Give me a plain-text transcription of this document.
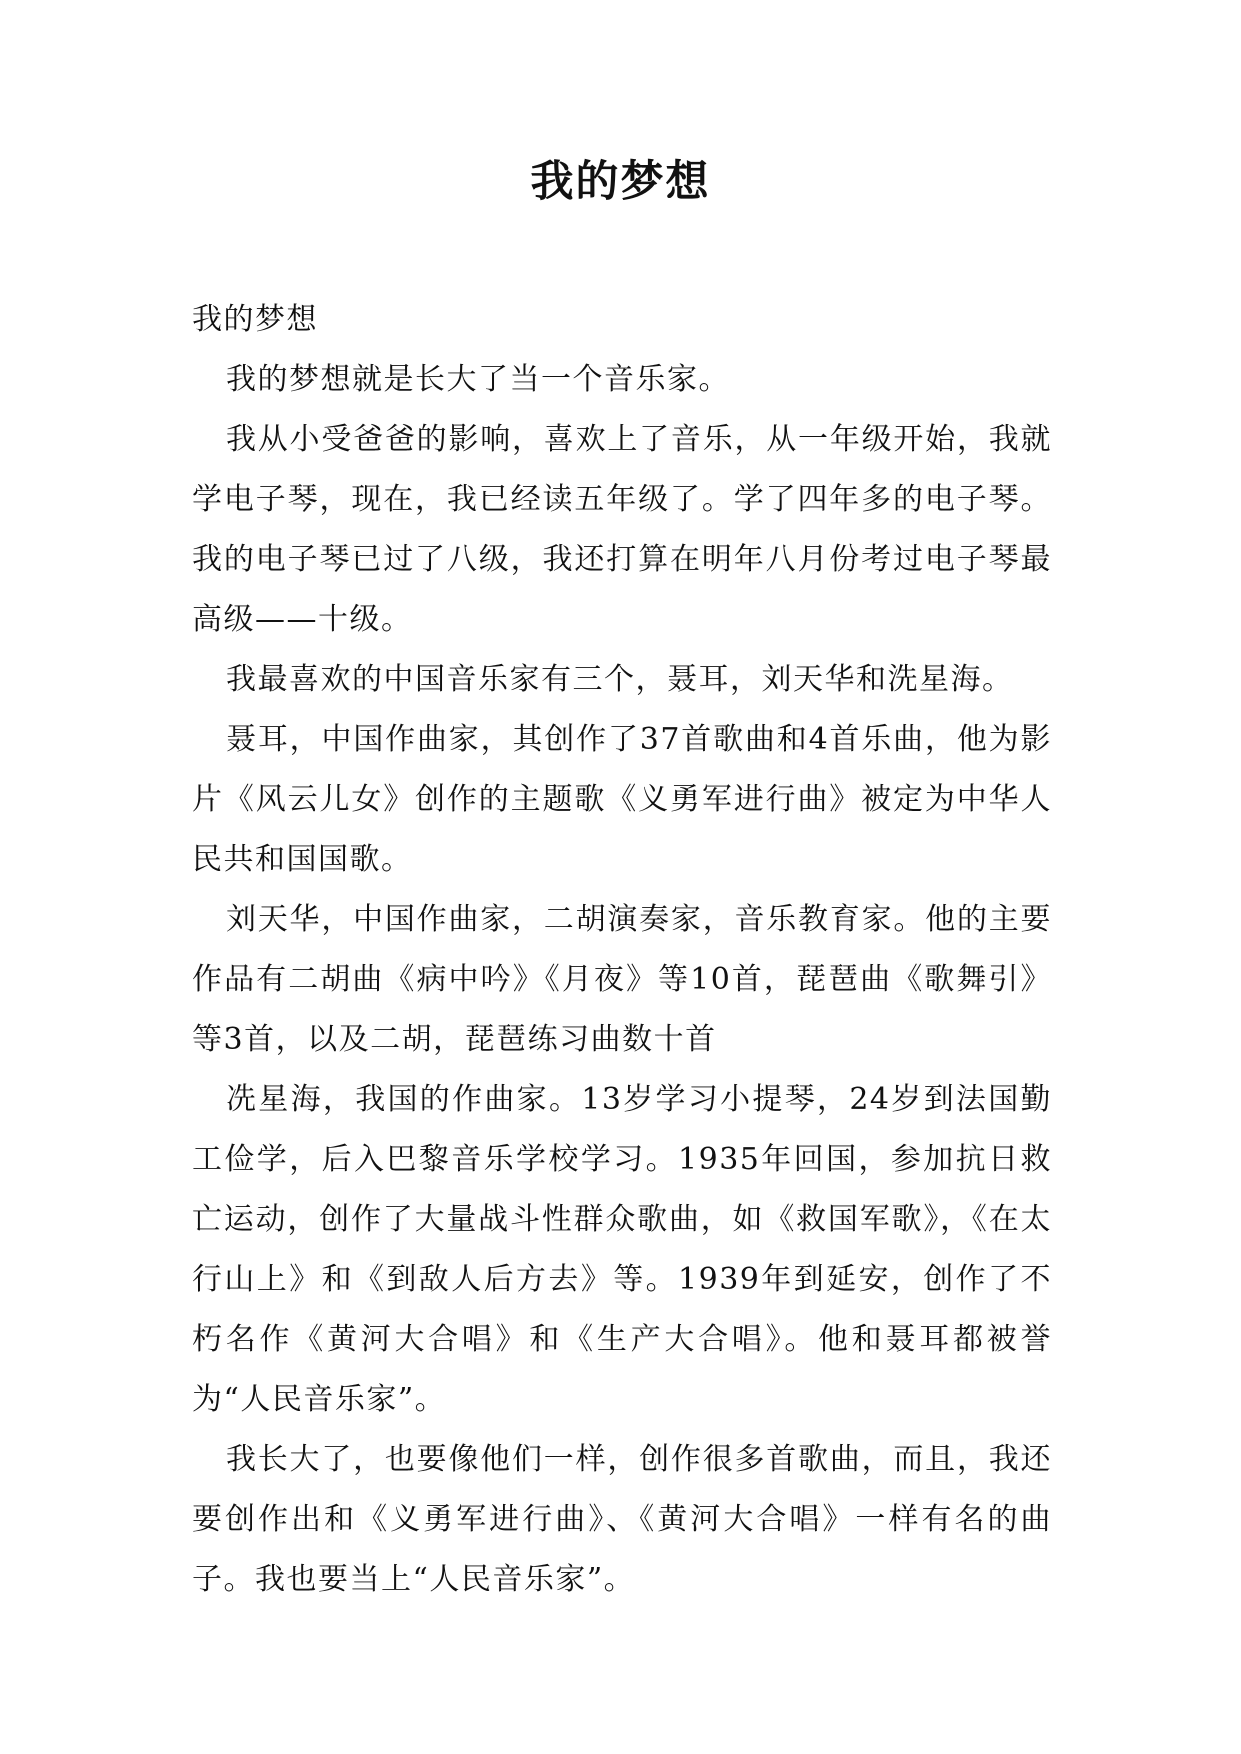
我的梦想

我的梦想

我的梦想就是长大了当一个音乐家。

我从小受爸爸的影响，喜欢上了音乐，从一年级开始，我就学电子琴，现在，我已经读五年级了。学了四年多的电子琴。我的电子琴已过了八级，我还打算在明年八月份考过电子琴最高级——十级。

我最喜欢的中国音乐家有三个，聂耳，刘天华和洗星海。

聂耳，中国作曲家，其创作了37首歌曲和4首乐曲，他为影片《风云儿女》创作的主题歌《义勇军进行曲》被定为中华人民共和国国歌。

刘天华，中国作曲家，二胡演奏家，音乐教育家。他的主要作品有二胡曲《病中吟》《月夜》等10首，琵琶曲《歌舞引》等3首，以及二胡，琵琶练习曲数十首

冼星海，我国的作曲家。13岁学习小提琴，24岁到法国勤工俭学，后入巴黎音乐学校学习。1935年回国，参加抗日救亡运动，创作了大量战斗性群众歌曲，如《救国军歌》，《在太行山上》和《到敌人后方去》等。1939年到延安，创作了不朽名作《黄河大合唱》和《生产大合唱》。他和聂耳都被誉为“人民音乐家”。

我长大了，也要像他们一样，创作很多首歌曲，而且，我还要创作出和《义勇军进行曲》、《黄河大合唱》一样有名的曲子。我也要当上“人民音乐家”。
